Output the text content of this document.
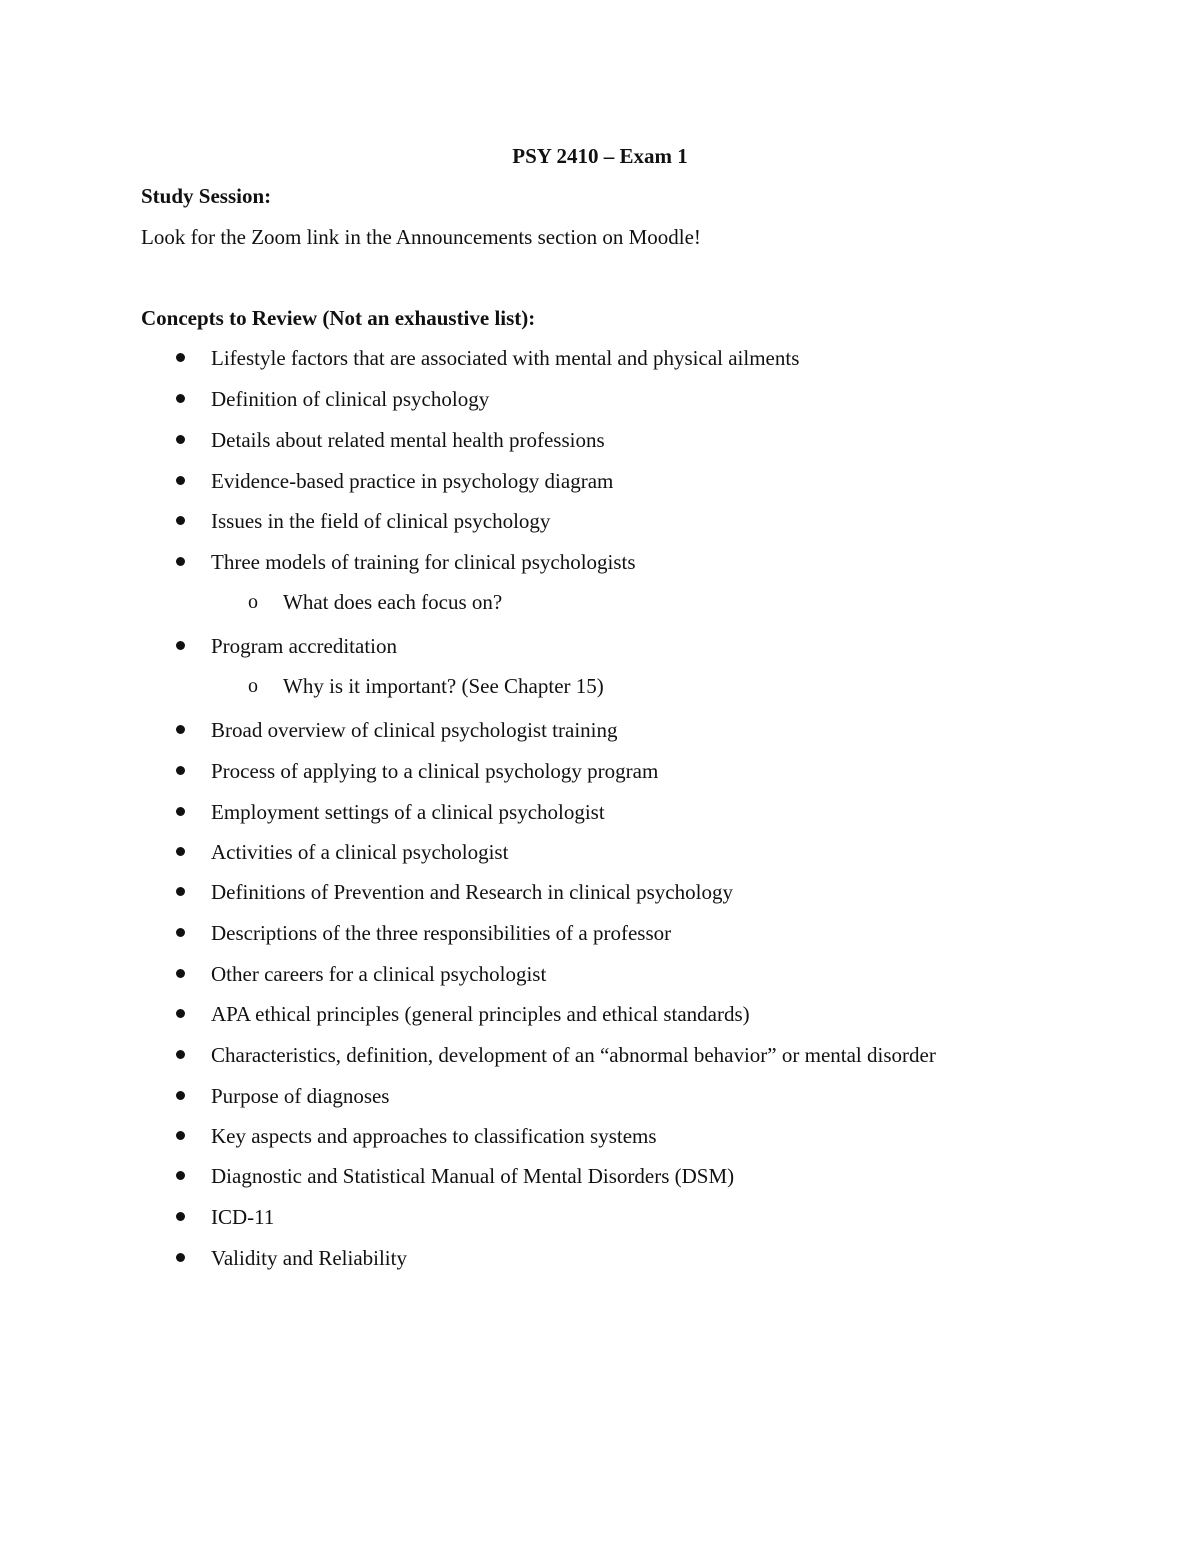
PSY 2410 – Exam 1
Study Session:
Look for the Zoom link in the Announcements section on Moodle!
Concepts to Review (Not an exhaustive list):
Lifestyle factors that are associated with mental and physical ailments
Definition of clinical psychology
Details about related mental health professions
Evidence-based practice in psychology diagram
Issues in the field of clinical psychology
Three models of training for clinical psychologists
o What does each focus on?
Program accreditation
o Why is it important? (See Chapter 15)
Broad overview of clinical psychologist training
Process of applying to a clinical psychology program
Employment settings of a clinical psychologist
Activities of a clinical psychologist
Definitions of Prevention and Research in clinical psychology
Descriptions of the three responsibilities of a professor
Other careers for a clinical psychologist
APA ethical principles (general principles and ethical standards)
Characteristics, definition, development of an “abnormal behavior” or mental disorder
Purpose of diagnoses
Key aspects and approaches to classification systems
Diagnostic and Statistical Manual of Mental Disorders (DSM)
ICD-11
Validity and Reliability
